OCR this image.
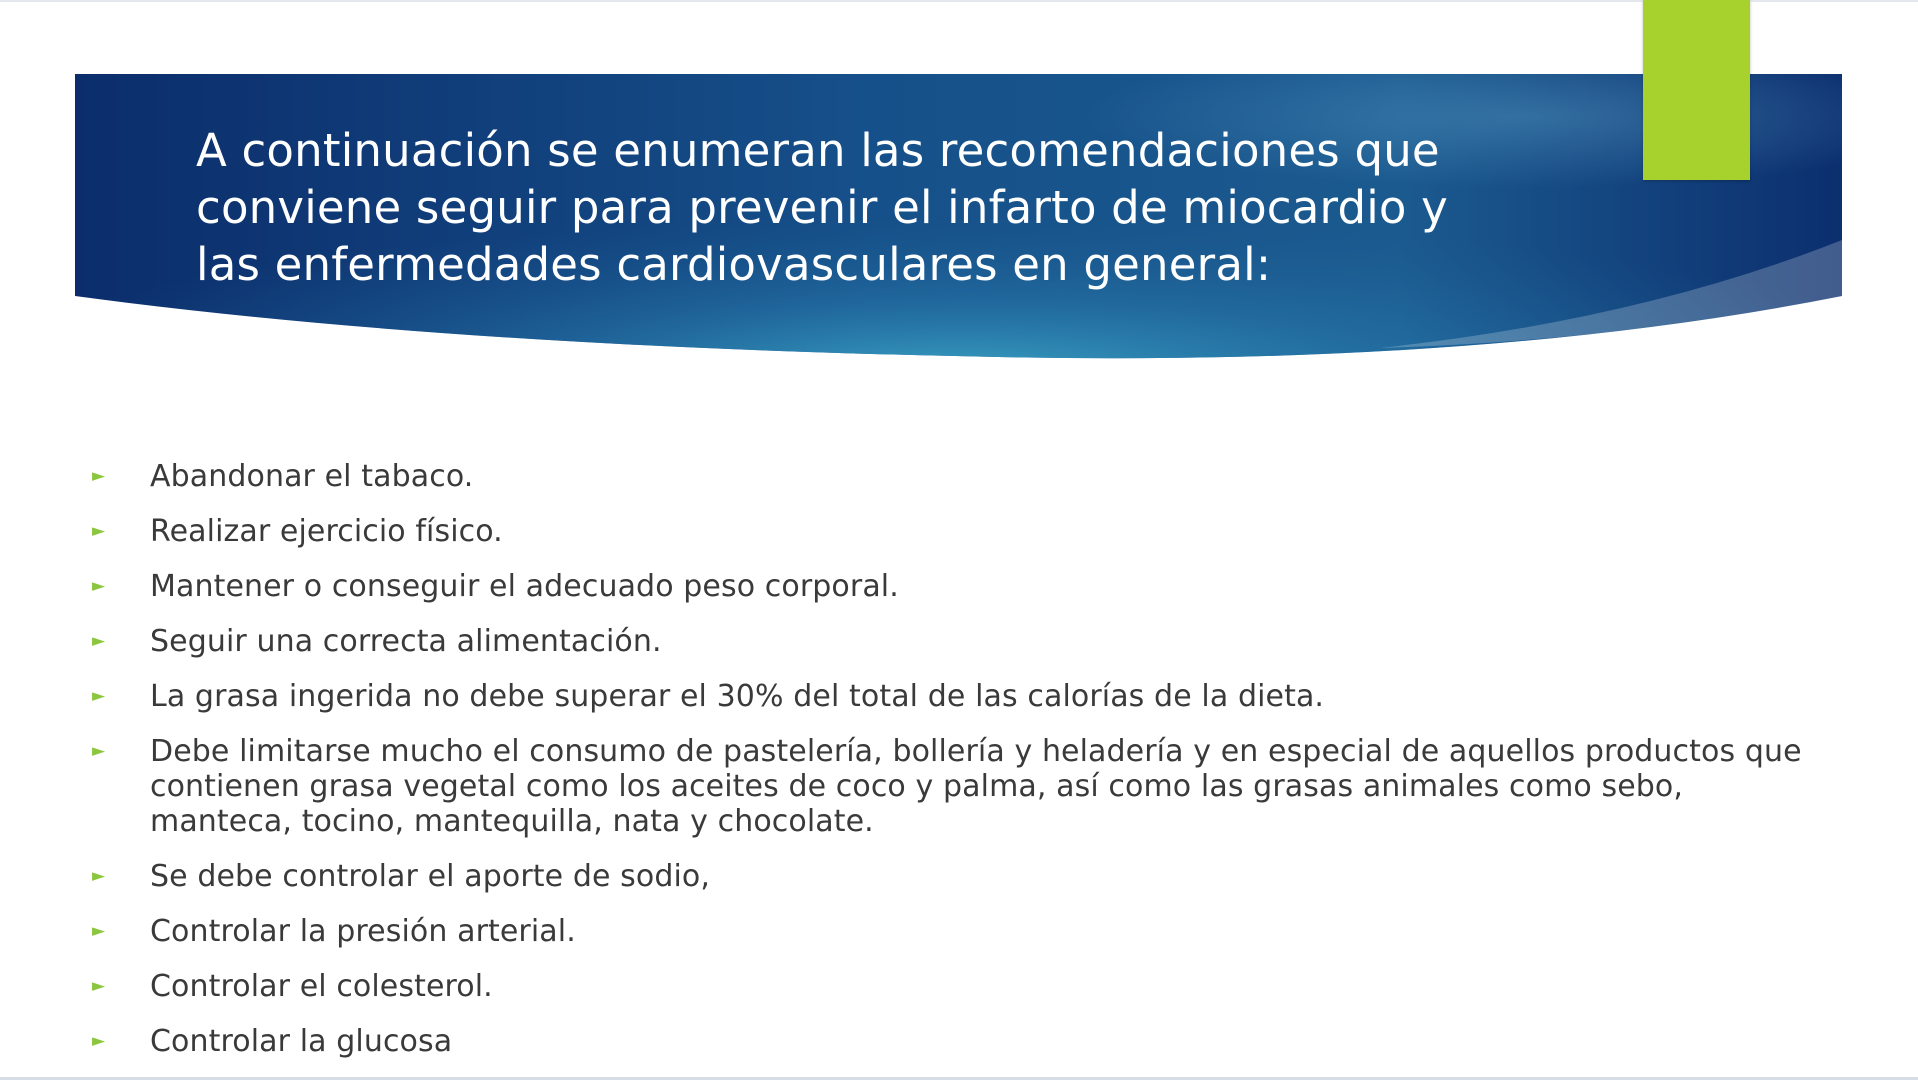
A continuación se enumeran las recomendaciones que conviene seguir para prevenir el infarto de miocardio y las enfermedades cardiovasculares en general:
►	Abandonar el tabaco.
►	Realizar ejercicio físico.
►	Mantener o conseguir el adecuado peso corporal.
►	Seguir una correcta alimentación.
►	La grasa ingerida no debe superar el 30% del total de las calorías de la dieta.
►	Debe limitarse mucho el consumo de pastelería, bollería y heladería y en especial de aquellos productos que contienen grasa vegetal como los aceites de coco y palma, así como las grasas animales como sebo, manteca, tocino, mantequilla, nata y chocolate.
►	Se debe controlar el aporte de sodio,
►	Controlar la presión arterial.
►	Controlar el colesterol.
►	Controlar la glucosa
